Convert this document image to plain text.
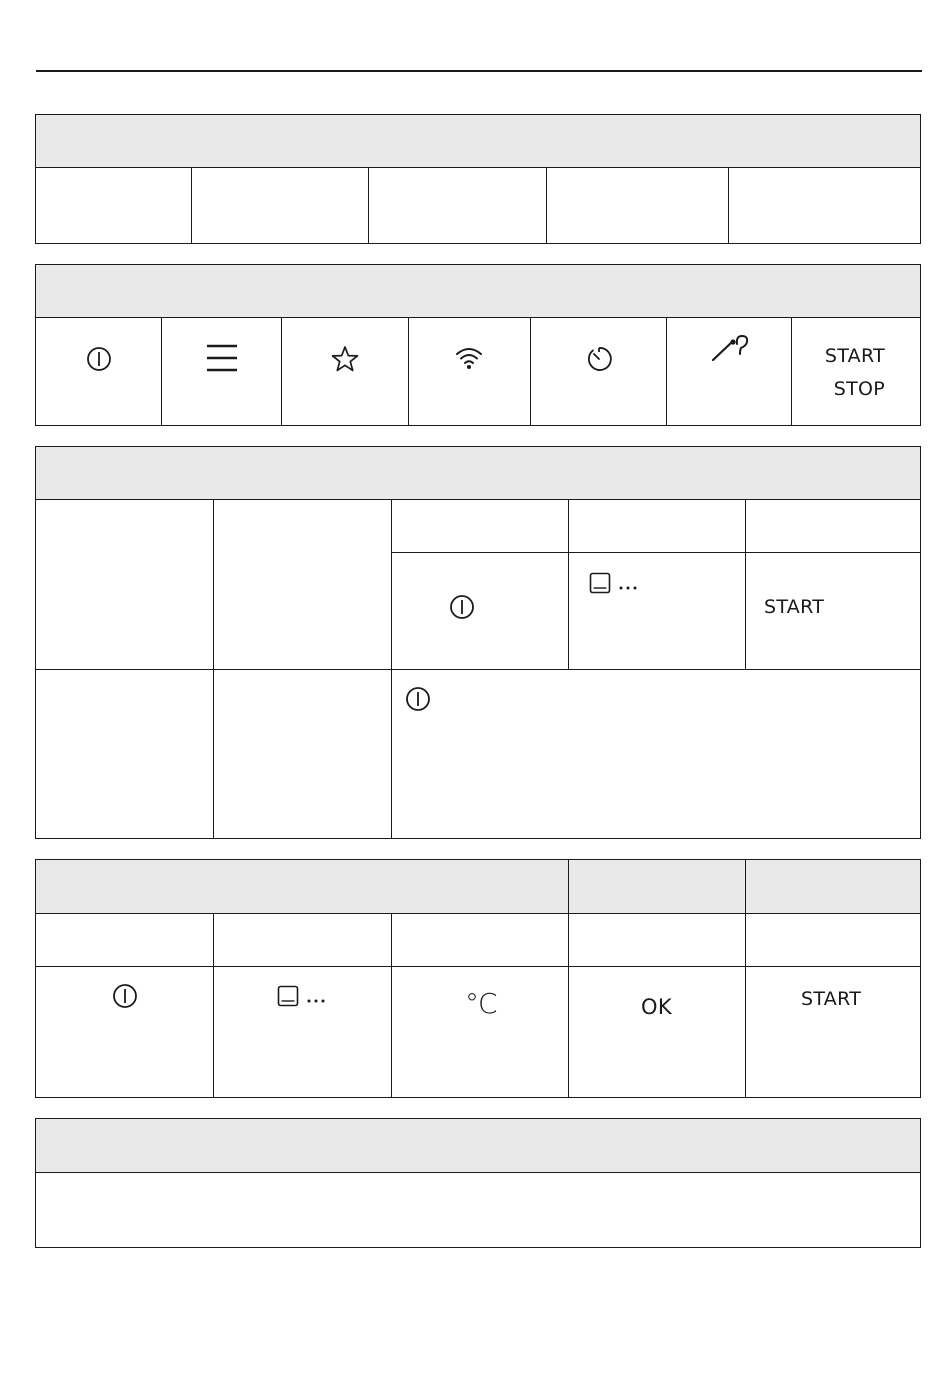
START
STOP
START
°C	OK	START
